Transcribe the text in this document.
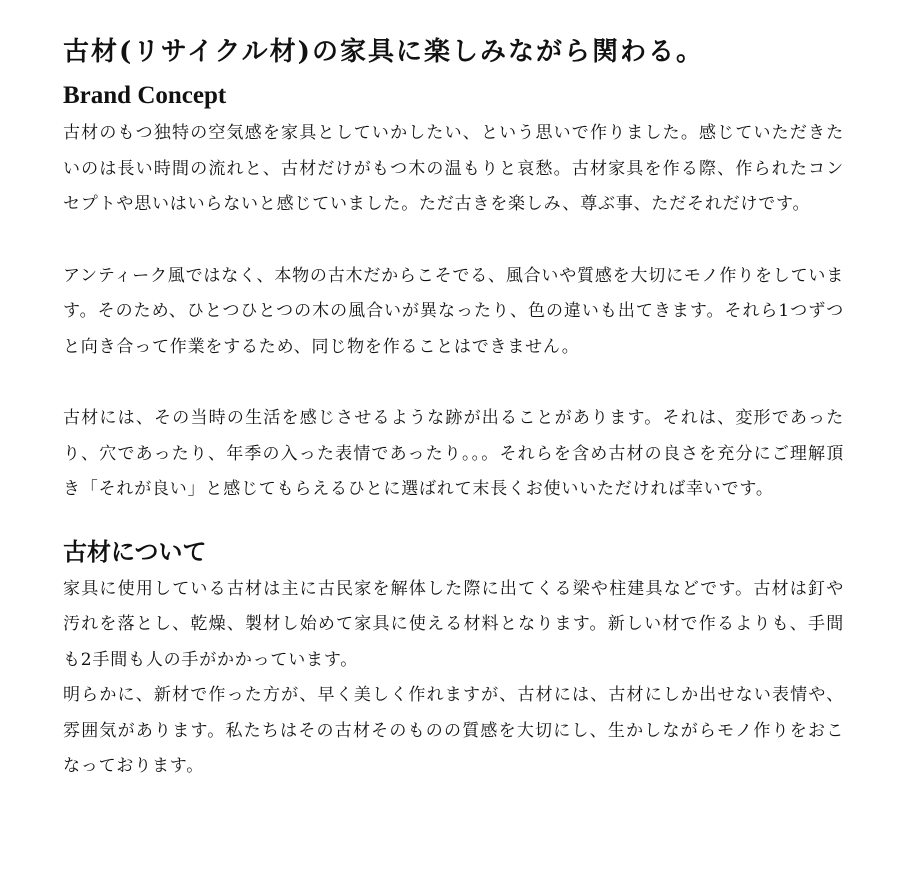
古材(リサイクル材)の家具に楽しみながら関わる。
Brand Concept

古材のもつ独特の空気感を家具としていかしたい、という思いで作りました。感じていただきたいのは長い時間の流れと、古材だけがもつ木の温もりと哀愁。古材家具を作る際、作られたコンセプトや思いはいらないと感じていました。ただ古きを楽しみ、尊ぶ事、ただそれだけです。

アンティーク風ではなく、本物の古木だからこそでる、風合いや質感を大切にモノ作りをしています。そのため、ひとつひとつの木の風合いが異なったり、色の違いも出てきます。それら1つずつと向き合って作業をするため、同じ物を作ることはできません。

古材には、その当時の生活を感じさせるような跡が出ることがあります。それは、変形であったり、穴であったり、年季の入った表情であったり。。。それらを含め古材の良さを充分にご理解頂き「それが良い」と感じてもらえるひとに選ばれて末長くお使いいただければ幸いです。

古材について

家具に使用している古材は主に古民家を解体した際に出てくる梁や柱建具などです。古材は釘や汚れを落とし、乾燥、製材し始めて家具に使える材料となります。新しい材で作るよりも、手間も2手間も人の手がかかっています。

明らかに、新材で作った方が、早く美しく作れますが、古材には、古材にしか出せない表情や、雰囲気があります。私たちはその古材そのものの質感を大切にし、生かしながらモノ作りをおこなっております。
